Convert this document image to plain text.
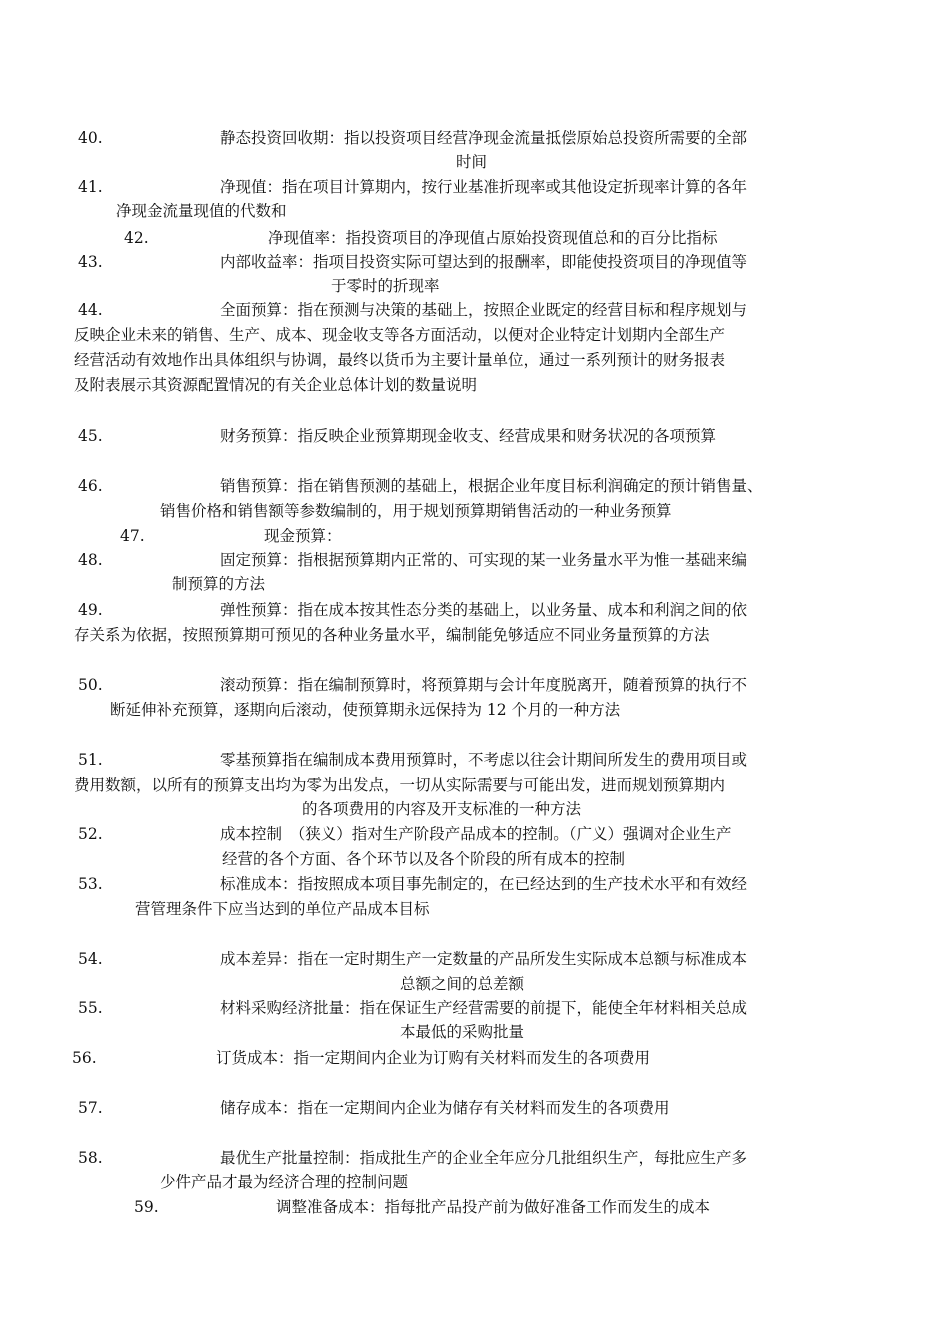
40.	静态投资回收期：指以投资项目经营净现金流量抵偿原始总投资所需要的全部
时间
41.	净现值：指在项目计算期内，按行业基准折现率或其他设定折现率计算的各年
净现金流量现值的代数和
42.	净现值率：指投资项目的净现值占原始投资现值总和的百分比指标
43.	内部收益率：指项目投资实际可望达到的报酬率，即能使投资项目的净现值等
于零时的折现率
44.	全面预算：指在预测与决策的基础上，按照企业既定的经营目标和程序规划与
反映企业未来的销售、生产、成本、现金收支等各方面活动，以便对企业特定计划期内全部生产
经营活动有效地作出具体组织与协调，最终以货币为主要计量单位，通过一系列预计的财务报表
及附表展示其资源配置情况的有关企业总体计划的数量说明
45.	财务预算：指反映企业预算期现金收支、经营成果和财务状况的各项预算
46.	销售预算：指在销售预测的基础上，根据企业年度目标利润确定的预计销售量、
销售价格和销售额等参数编制的，用于规划预算期销售活动的一种业务预算
47.	现金预算：
48.	固定预算：指根据预算期内正常的、可实现的某一业务量水平为惟一基础来编
制预算的方法
49.	弹性预算：指在成本按其性态分类的基础上，以业务量、成本和利润之间的依
存关系为依据，按照预算期可预见的各种业务量水平，编制能免够适应不同业务量预算的方法
50.	滚动预算：指在编制预算时，将预算期与会计年度脱离开，随着预算的执行不
断延伸补充预算，逐期向后滚动，使预算期永远保持为 12 个月的一种方法
51.	零基预算指在编制成本费用预算时，不考虑以往会计期间所发生的费用项目或
费用数额，以所有的预算支出均为零为出发点，一切从实际需要与可能出发，进而规划预算期内
的各项费用的内容及开支标准的一种方法
52.	成本控制　（狭义）指对生产阶段产品成本的控制。（广义）强调对企业生产
经营的各个方面、各个环节以及各个阶段的所有成本的控制
53.	标准成本：指按照成本项目事先制定的，在已经达到的生产技术水平和有效经
营管理条件下应当达到的单位产品成本目标
54.	成本差异：指在一定时期生产一定数量的产品所发生实际成本总额与标准成本
总额之间的总差额
55.	材料采购经济批量：指在保证生产经营需要的前提下，能使全年材料相关总成
本最低的采购批量
56.	订货成本：指一定期间内企业为订购有关材料而发生的各项费用
57.	储存成本：指在一定期间内企业为储存有关材料而发生的各项费用
58.	最优生产批量控制：指成批生产的企业全年应分几批组织生产，每批应生产多
少件产品才最为经济合理的控制问题
59.	调整准备成本：指每批产品投产前为做好准备工作而发生的成本
